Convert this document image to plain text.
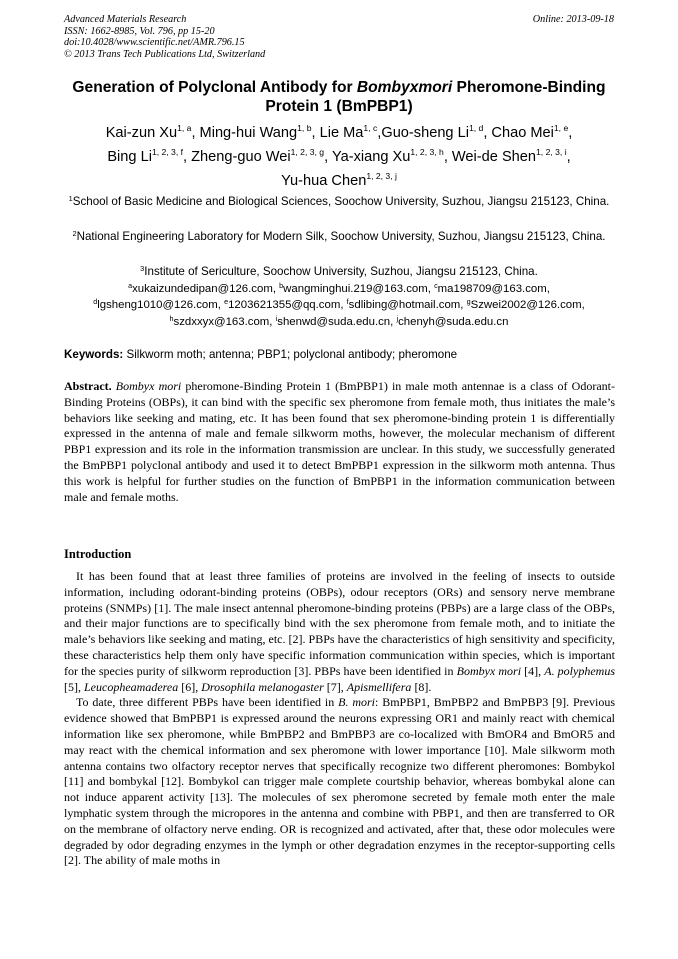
Advanced Materials Research
ISSN: 1662-8985, Vol. 796, pp 15-20
doi:10.4028/www.scientific.net/AMR.796.15
© 2013 Trans Tech Publications Ltd, Switzerland
Online: 2013-09-18
Generation of Polyclonal Antibody for Bombyxmori Pheromone-Binding Protein 1 (BmPBP1)
Kai-zun Xu$^{1, a}$, Ming-hui Wang$^{1, b}$, Lie Ma$^{1, c}$,Guo-sheng Li$^{1, d}$, Chao Mei$^{1, e}$,
Bing Li$^{1, 2, 3, f}$, Zheng-guo Wei$^{1, 2, 3, g}$, Ya-xiang Xu$^{1, 2, 3, h}$, Wei-de Shen$^{1, 2, 3, i}$,
Yu-hua Chen$^{1, 2, 3, j}$
$^1$School of Basic Medicine and Biological Sciences, Soochow University, Suzhou, Jiangsu 215123, China.
$^2$National Engineering Laboratory for Modern Silk, Soochow University, Suzhou, Jiangsu 215123, China.
$^3$Institute of Sericulture, Soochow University, Suzhou, Jiangsu 215123, China.
$^a$xukaizundedipan@126.com, $^b$wangminghui.219@163.com, $^c$ma198709@163.com,
$^d$lgsheng1010@126.com, $^e$1203621355@qq.com, $^f$sdlibing@hotmail.com, $^g$Szwei2002@126.com,
$^h$szdxxyx@163.com, $^i$shenwd@suda.edu.cn, $^j$chenyh@suda.edu.cn
Keywords: Silkworm moth; antenna; PBP1; polyclonal antibody; pheromone
Abstract. Bombyx mori pheromone-Binding Protein 1 (BmPBP1) in male moth antennae is a class of Odorant-Binding Proteins (OBPs), it can bind with the specific sex pheromone from female moth, thus initiates the male’s behaviors like seeking and mating, etc. It has been found that sex pheromone-binding protein 1 is differentially expressed in the antenna of male and female silkworm moths, however, the molecular mechanism of different PBP1 expression and its role in the information transmission are unclear. In this study, we successfully generated the BmPBP1 polyclonal antibody and used it to detect BmPBP1 expression in the silkworm moth antenna. Thus this work is helpful for further studies on the function of BmPBP1 in the information communication between male and female moths.
Introduction

It has been found that at least three families of proteins are involved in the feeling of insects to outside information, including odorant-binding proteins (OBPs), odour receptors (ORs) and sensory nerve membrane proteins (SNMPs) [1]. The male insect antennal pheromone-binding proteins (PBPs) are a large class of the OBPs, and their major functions are to specifically bind with the sex pheromone from female moth, and to initiate the male’s behaviors like seeking and mating, etc. [2]. PBPs have the characteristics of high sensitivity and specificity, these characteristics help them only have specific information communication within species, which is important for the species purity of silkworm reproduction [3]. PBPs have been identified in Bombyx mori [4], A. polyphemus [5], Leucopheamaderea [6], Drosophila melanogaster [7], Apismellifera [8].

To date, three different PBPs have been identified in B. mori: BmPBP1, BmPBP2 and BmPBP3 [9]. Previous evidence showed that BmPBP1 is expressed around the neurons expressing OR1 and mainly react with chemical information like sex pheromone, while BmPBP2 and BmPBP3 are co-localized with BmOR4 and BmOR5 and may react with the chemical information and sex pheromone with lower importance [10]. Male silkworm moth antenna contains two olfactory receptor nerves that specifically recognize two different pheromones: Bombykol [11] and bombykal [12]. Bombykol can trigger male complete courtship behavior, whereas bombykal alone can not induce apparent activity [13]. The molecules of sex pheromone secreted by female moth enter the male lymphatic system through the micropores in the antenna and combine with PBP1, and then are transferred to OR on the membrane of olfactory nerve ending. OR is recognized and activated, after that, these odor molecules were degraded by odor degrading enzymes in the lymph or other degradation enzymes in the receptor-supporting cells [2]. The ability of male moths in
